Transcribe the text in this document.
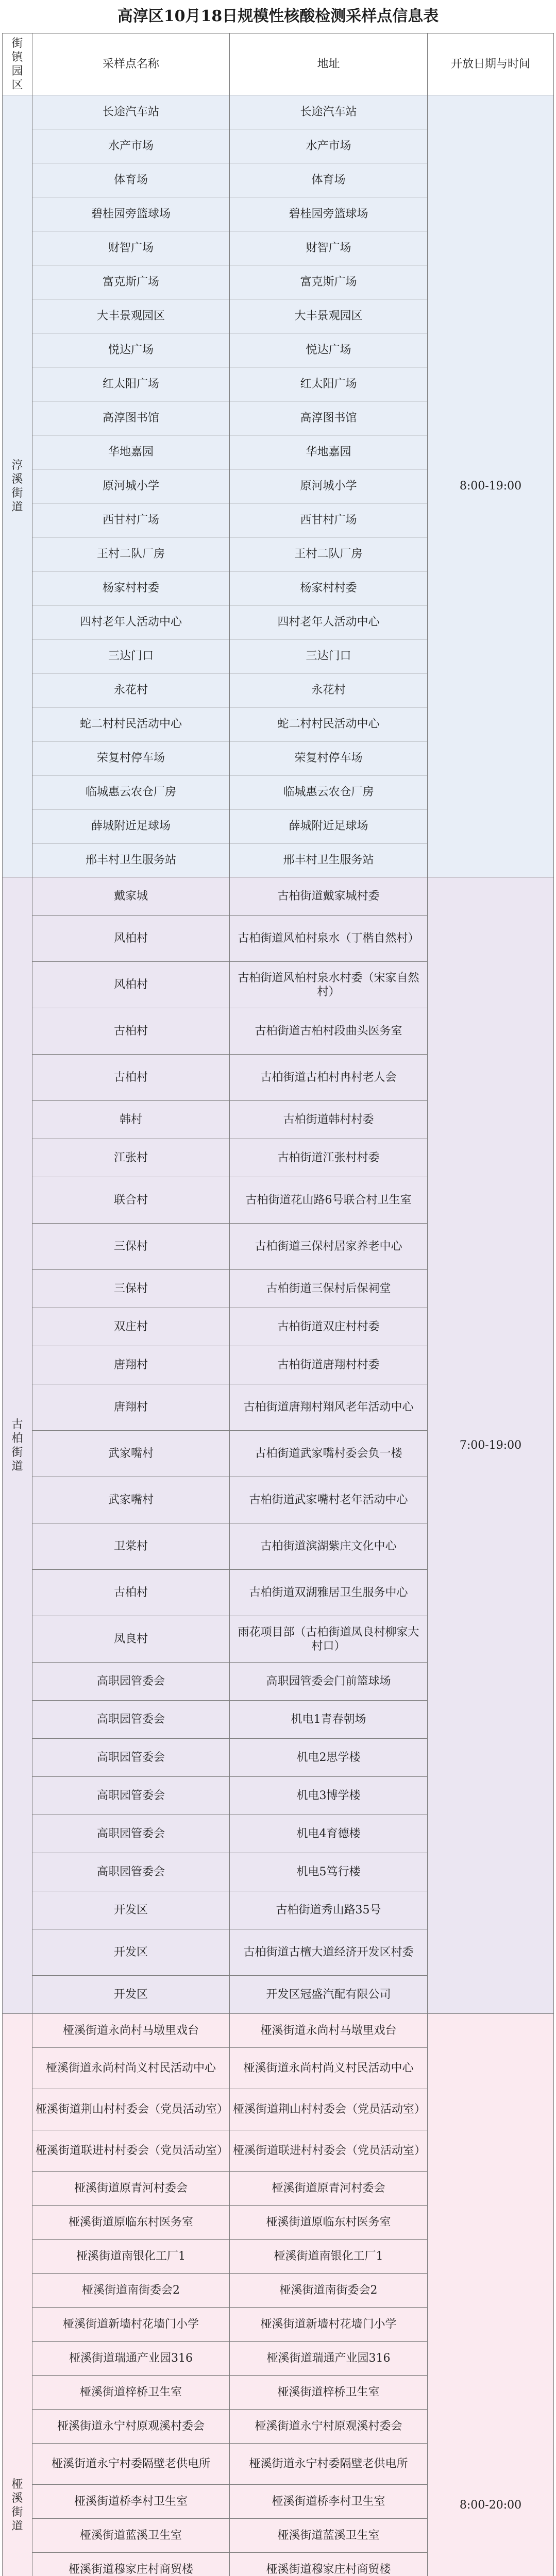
高淳区10月18日规模性核酸检测采样点信息表
街镇园区	采样点名称	地址	开放日期与时间
淳溪街道	长途汽车站	长途汽车站	8:00-19:00
	水产市场	水产市场	
	体育场	体育场	
	碧桂园旁篮球场	碧桂园旁篮球场	
	财智广场	财智广场	
	富克斯广场	富克斯广场	
	大丰景观园区	大丰景观园区	
	悦达广场	悦达广场	
	红太阳广场	红太阳广场	
	高淳图书馆	高淳图书馆	
	华地嘉园	华地嘉园	
	原河城小学	原河城小学	
	西甘村广场	西甘村广场	
	王村二队厂房	王村二队厂房	
	杨家村村委	杨家村村委	
	四村老年人活动中心	四村老年人活动中心	
	三达门口	三达门口	
	永花村	永花村	
	蛇二村村民活动中心	蛇二村村民活动中心	
	荣复村停车场	荣复村停车场	
	临城惠云农仓厂房	临城惠云农仓厂房	
	薛城附近足球场	薛城附近足球场	
	邢丰村卫生服务站	邢丰村卫生服务站	
古柏街道	戴家城	古柏街道戴家城村委	7:00-19:00
	风柏村	古柏街道风柏村泉水（丁楷自然村）	
	风柏村	古柏街道风柏村泉水村委（宋家自然村）	
	古柏村	古柏街道古柏村段曲头医务室	
	古柏村	古柏街道古柏村冉村老人会	
	韩村	古柏街道韩村村委	
	江张村	古柏街道江张村村委	
	联合村	古柏街道花山路6号联合村卫生室	
	三保村	古柏街道三保村居家养老中心	
	三保村	古柏街道三保村后保祠堂	
	双庄村	古柏街道双庄村村委	
	唐翔村	古柏街道唐翔村村委	
	唐翔村	古柏街道唐翔村翔风老年活动中心	
	武家嘴村	古柏街道武家嘴村委会负一楼	
	武家嘴村	古柏街道武家嘴村老年活动中心	
	卫棠村	古柏街道滨湖紫庄文化中心	
	古柏村	古柏街道双湖雅居卫生服务中心	
	凤良村	雨花项目部（古柏街道凤良村柳家大村口）	
	高职园管委会	高职园管委会门前篮球场	
	高职园管委会	机电1青春朝场	
	高职园管委会	机电2思学楼	
	高职园管委会	机电3博学楼	
	高职园管委会	机电4育德楼	
	高职园管委会	机电5笃行楼	
	开发区	古柏街道秀山路35号	
	开发区	古柏街道古檀大道经济开发区村委	
	开发区	开发区冠盛汽配有限公司	
桠溪街道	桠溪街道永尚村马墩里戏台	桠溪街道永尚村马墩里戏台	8:00-20:00
	桠溪街道永尚村尚义村民活动中心	桠溪街道永尚村尚义村民活动中心	
	桠溪街道荆山村村委会（党员活动室）	桠溪街道荆山村村委会（党员活动室）	
	桠溪街道联进村村委会（党员活动室）	桠溪街道联进村村委会（党员活动室）	
	桠溪街道原青河村委会	桠溪街道原青河村委会	
	桠溪街道原临东村医务室	桠溪街道原临东村医务室	
	桠溪街道南银化工厂1	桠溪街道南银化工厂1	
	桠溪街道南街委会2	桠溪街道南街委会2	
	桠溪街道新墙村花墙门小学	桠溪街道新墙村花墙门小学	
	桠溪街道瑞通产业园316	桠溪街道瑞通产业园316	
	桠溪街道梓桥卫生室	桠溪街道梓桥卫生室	
	桠溪街道永宁村原观溪村委会	桠溪街道永宁村原观溪村委会	
	桠溪街道永宁村委隔壁老供电所	桠溪街道永宁村委隔壁老供电所	
	桠溪街道桥李村卫生室	桠溪街道桥李村卫生室	
	桠溪街道蓝溪卫生室	桠溪街道蓝溪卫生室	
	桠溪街道穆家庄村商贸楼	桠溪街道穆家庄村商贸楼	
